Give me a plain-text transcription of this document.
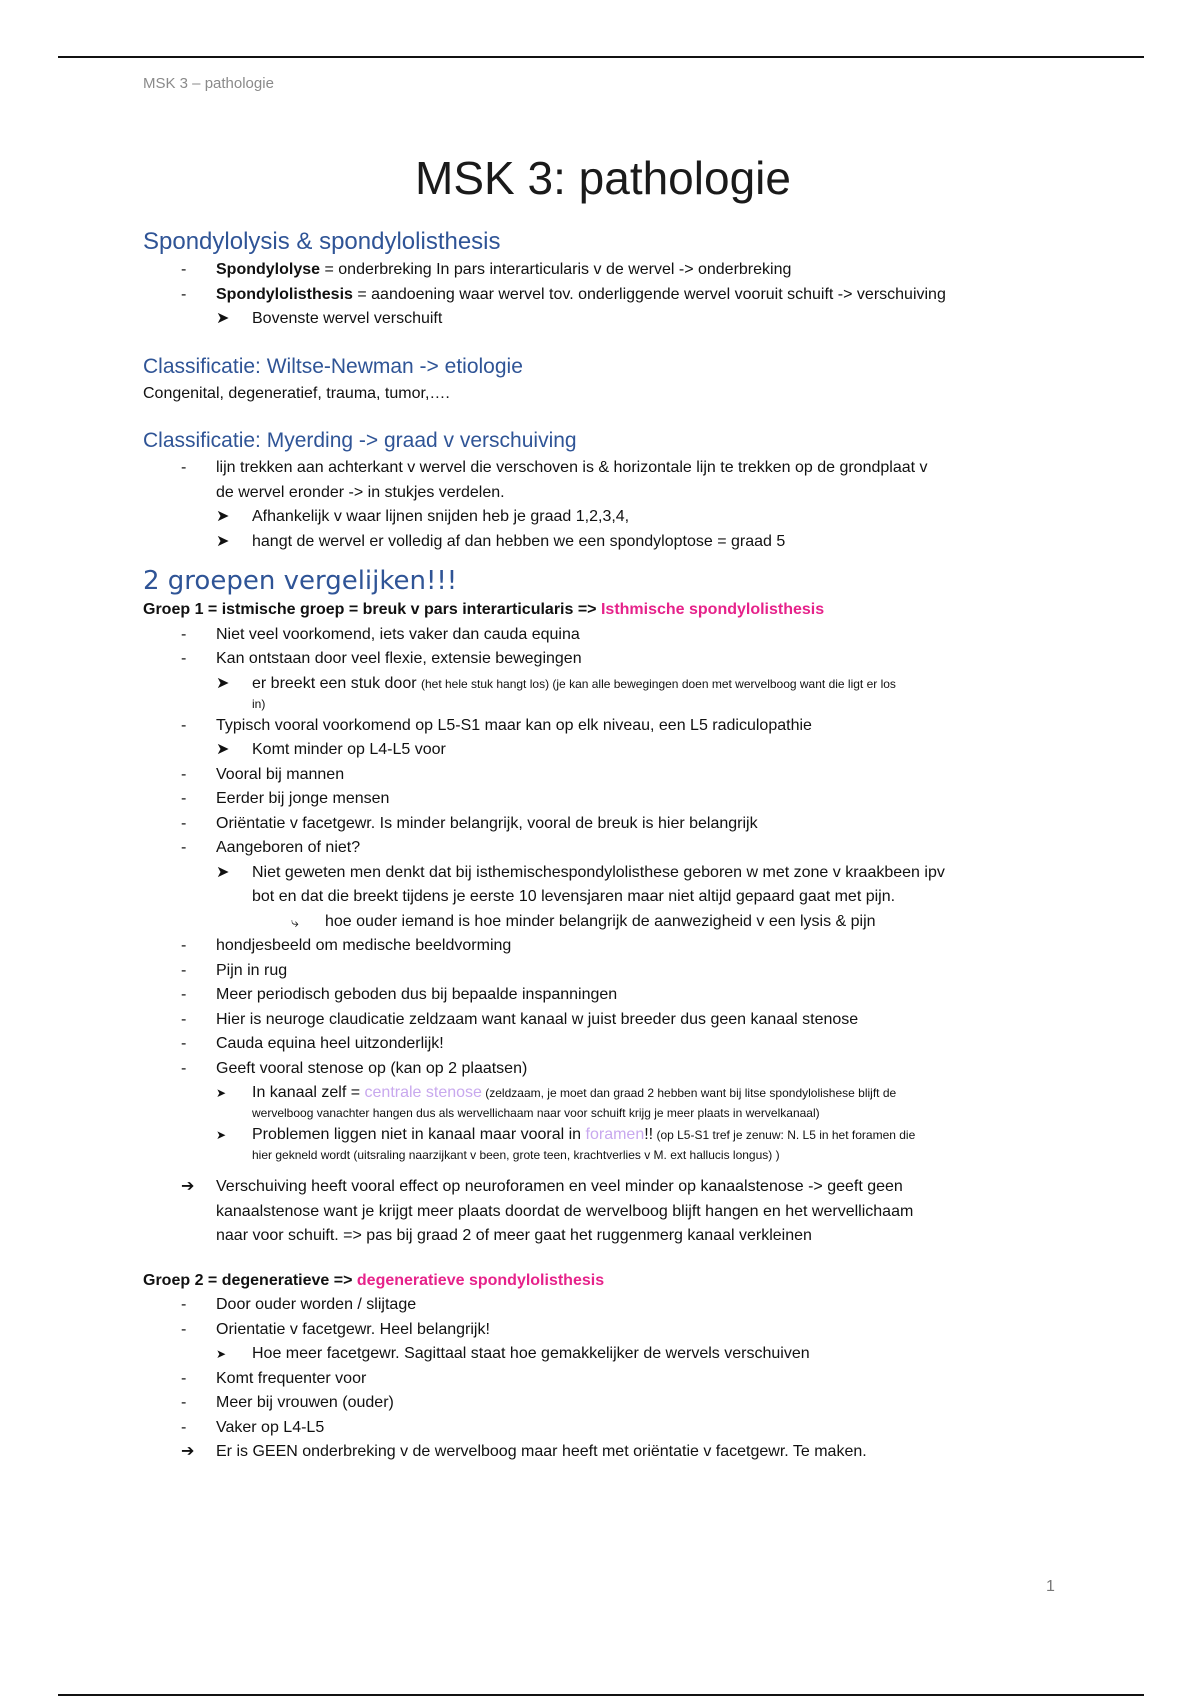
MSK 3 – pathologie
MSK 3: pathologie
Spondylolysis & spondylolisthesis
- Spondylolyse = onderbreking In pars interarticularis v de wervel -> onderbreking
- Spondylolisthesis = aandoening waar wervel tov. onderliggende wervel vooruit schuift -> verschuiving
➤ Bovenste wervel verschuift
Classificatie: Wiltse-Newman -> etiologie
Congenital, degeneratief, trauma, tumor,….
Classificatie: Myerding -> graad v verschuiving
- lijn trekken aan achterkant v wervel die verschoven is & horizontale lijn te trekken op de grondplaat v
de wervel eronder -> in stukjes verdelen.
➤ Afhankelijk v waar lijnen snijden heb je graad 1,2,3,4,
➤ hangt de wervel er volledig af dan hebben we een spondyloptose = graad 5
2 groepen vergelijken!!!
Groep 1 = istmische groep = breuk v pars interarticularis => Isthmische spondylolisthesis
- Niet veel voorkomend, iets vaker dan cauda equina
- Kan ontstaan door veel flexie, extensie bewegingen
➤ er breekt een stuk door (het hele stuk hangt los) (je kan alle bewegingen doen met wervelboog want die ligt er los
in)
- Typisch vooral voorkomend op L5-S1 maar kan op elk niveau, een L5 radiculopathie
➤ Komt minder op L4-L5 voor
- Vooral bij mannen
- Eerder bij jonge mensen
- Oriëntatie v facetgewr. Is minder belangrijk, vooral de breuk is hier belangrijk
- Aangeboren of niet?
➤ Niet geweten men denkt dat bij isthemischespondylolisthese geboren w met zone v kraakbeen ipv
bot en dat die breekt tijdens je eerste 10 levensjaren maar niet altijd gepaard gaat met pijn.
⤷ hoe ouder iemand is hoe minder belangrijk de aanwezigheid v een lysis & pijn
- hondjesbeeld om medische beeldvorming
- Pijn in rug
- Meer periodisch geboden dus bij bepaalde inspanningen
- Hier is neuroge claudicatie zeldzaam want kanaal w juist breeder dus geen kanaal stenose
- Cauda equina heel uitzonderlijk!
- Geeft vooral stenose op (kan op 2 plaatsen)
➤ In kanaal zelf = centrale stenose (zeldzaam, je moet dan graad 2 hebben want bij litse spondylolishese blijft de
wervelboog vanachter hangen dus als wervellichaam naar voor schuift krijg je meer plaats in wervelkanaal)
➤ Problemen liggen niet in kanaal maar vooral in foramen!! (op L5-S1 tref je zenuw: N. L5 in het foramen die
hier gekneld wordt (uitsraling naarzijkant v been, grote teen, krachtverlies v M. ext hallucis longus) )
➔ Verschuiving heeft vooral effect op neuroforamen en veel minder op kanaalstenose -> geeft geen
kanaalstenose want je krijgt meer plaats doordat de wervelboog blijft hangen en het wervellichaam
naar voor schuift. => pas bij graad 2 of meer gaat het ruggenmerg kanaal verkleinen
Groep 2 = degeneratieve => degeneratieve spondylolisthesis
- Door ouder worden / slijtage
- Orientatie v facetgewr. Heel belangrijk!
➤ Hoe meer facetgewr. Sagittaal staat hoe gemakkelijker de wervels verschuiven
- Komt frequenter voor
- Meer bij vrouwen (ouder)
- Vaker op L4-L5
➔ Er is GEEN onderbreking v de wervelboog maar heeft met oriëntatie v facetgewr. Te maken.
1
